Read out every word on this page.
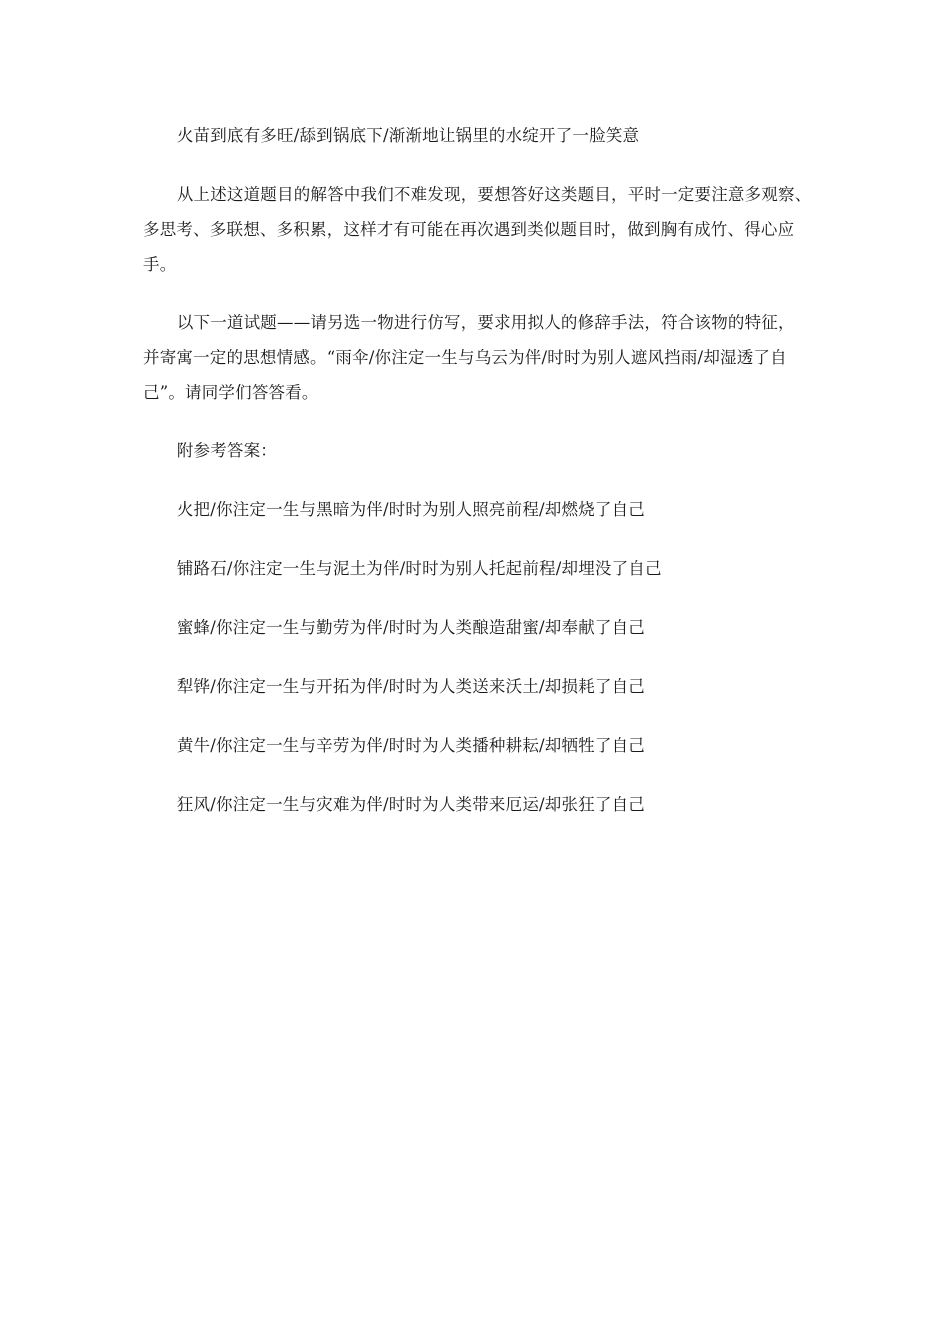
火苗到底有多旺/舔到锅底下/渐渐地让锅里的水绽开了一脸笑意

从上述这道题目的解答中我们不难发现，要想答好这类题目，平时一定要注意多观察、
多思考、多联想、多积累，这样才有可能在再次遇到类似题目时，做到胸有成竹、得心应
手。

以下一道试题——请另选一物进行仿写，要求用拟人的修辞手法，符合该物的特征，
并寄寓一定的思想情感。“雨伞/你注定一生与乌云为伴/时时为别人遮风挡雨/却湿透了自
己”。请同学们答答看。

附参考答案：

火把/你注定一生与黑暗为伴/时时为别人照亮前程/却燃烧了自己

铺路石/你注定一生与泥土为伴/时时为别人托起前程/却埋没了自己

蜜蜂/你注定一生与勤劳为伴/时时为人类酿造甜蜜/却奉献了自己

犁铧/你注定一生与开拓为伴/时时为人类送来沃土/却损耗了自己

黄牛/你注定一生与辛劳为伴/时时为人类播种耕耘/却牺牲了自己

狂风/你注定一生与灾难为伴/时时为人类带来厄运/却张狂了自己
